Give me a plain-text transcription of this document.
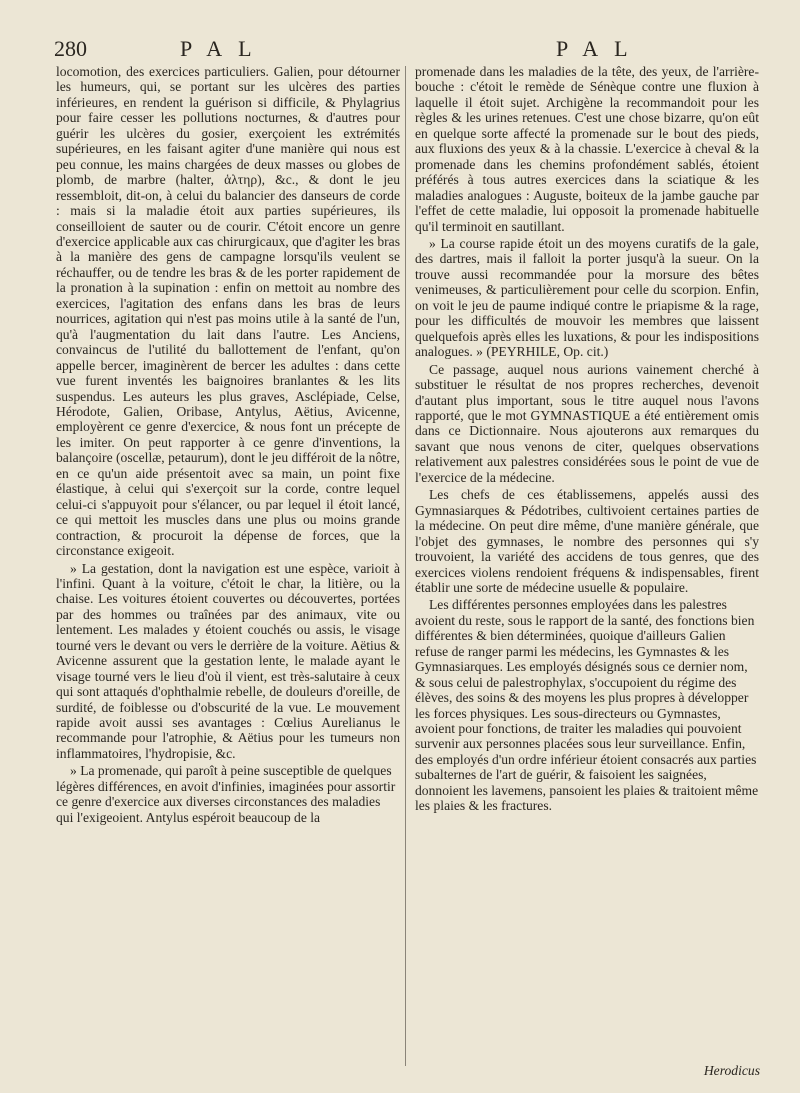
280	PAL	PAL

locomotion, des exercices particuliers. Galien, pour détourner les humeurs, qui, se portant sur les ulcères des parties inférieures, en rendent la guérison si difficile, & Phylagrius pour faire cesser les pollutions nocturnes, & d'autres pour guérir les ulcères du gosier, exerçoient les extrémités supérieures, en les faisant agiter d'une manière qui nous est peu connue, les mains chargées de deux masses ou globes de plomb, de marbre (halter, ἁλτηρ), &c., & dont le jeu ressembloit, dit-on, à celui du balancier des danseurs de corde : mais si la maladie étoit aux parties supérieures, ils conseilloient de sauter ou de courir. C'étoit encore un genre d'exercice applicable aux cas chirurgicaux, que d'agiter les bras à la manière des gens de campagne lorsqu'ils veulent se réchauffer, ou de tendre les bras & de les porter rapidement de la pronation à la supination : enfin on mettoit au nombre des exercices, l'agitation des enfans dans les bras de leurs nourrices, agitation qui n'est pas moins utile à la santé de l'un, qu'à l'augmentation du lait dans l'autre. Les Anciens, convaincus de l'utilité du ballottement de l'enfant, qu'on appelle bercer, imaginèrent de bercer les adultes : dans cette vue furent inventés les baignoires branlantes & les lits suspendus. Les auteurs les plus graves, Asclépiade, Celse, Hérodote, Galien, Oribase, Antylus, Aëtius, Avicenne, employèrent ce genre d'exercice, & nous font un précepte de les imiter. On peut rapporter à ce genre d'inventions, la balançoire (oscellæ, petaurum), dont le jeu différoit de la nôtre, en ce qu'un aide présentoit avec sa main, un point fixe élastique, à celui qui s'exerçoit sur la corde, contre lequel celui-ci s'appuyoit pour s'élancer, ou par lequel il étoit lancé, ce qui mettoit les muscles dans une plus ou moins grande contraction, & procuroit la dépense de forces, que la circonstance exigeoit.

» La gestation, dont la navigation est une espèce, varioit à l'infini. Quant à la voiture, c'étoit le char, la litière, ou la chaise. Les voitures étoient couvertes ou découvertes, portées par des hommes ou traînées par des animaux, vite ou lentement. Les malades y étoient couchés ou assis, le visage tourné vers le devant ou vers le derrière de la voiture. Aëtius & Avicenne assurent que la gestation lente, le malade ayant le visage tourné vers le lieu d'où il vient, est très-salutaire à ceux qui sont attaqués d'ophthalmie rebelle, de douleurs d'oreille, de surdité, de foiblesse ou d'obscurité de la vue. Le mouvement rapide avoit aussi ses avantages : Cœlius Aurelianus le recommande pour l'atrophie, & Aëtius pour les tumeurs non inflammatoires, l'hydropisie, &c.

» La promenade, qui paroît à peine susceptible de quelques légères différences, en avoit d'infinies, imaginées pour assortir ce genre d'exercice aux diverses circonstances des maladies qui l'exigeoient. Antylus espéroit beaucoup de la

promenade dans les maladies de la tête, des yeux, de l'arrière-bouche : c'étoit le remède de Sénèque contre une fluxion à laquelle il étoit sujet. Archigène la recommandoit pour les règles & les urines retenues. C'est une chose bizarre, qu'on eût en quelque sorte affecté la promenade sur le bout des pieds, aux fluxions des yeux & à la chassie. L'exercice à cheval & la promenade dans les chemins profondément sablés, étoient préférés à tous autres exercices dans la sciatique & les maladies analogues : Auguste, boiteux de la jambe gauche par l'effet de cette maladie, lui opposoit la promenade habituelle qu'il terminoit en sautillant.

» La course rapide étoit un des moyens curatifs de la gale, des dartres, mais il falloit la porter jusqu'à la sueur. On la trouve aussi recommandée pour la morsure des bêtes venimeuses, & particulièrement pour celle du scorpion. Enfin, on voit le jeu de paume indiqué contre le priapisme & la rage, pour les difficultés de mouvoir les membres que laissent quelquefois après elles les luxations, & pour les indispositions analogues. » (PEYRHILE, Op. cit.)

Ce passage, auquel nous aurions vainement cherché à substituer le résultat de nos propres recherches, devenoit d'autant plus important, sous le titre auquel nous l'avons rapporté, que le mot GYMNASTIQUE a été entièrement omis dans ce Dictionnaire. Nous ajouterons aux remarques du savant que nous venons de citer, quelques observations relativement aux palestres considérées sous le point de vue de l'exercice de la médecine.

Les chefs de ces établissemens, appelés aussi des Gymnasiarques & Pédotribes, cultivoient certaines parties de la médecine. On peut dire même, d'une manière générale, que l'objet des gymnases, le nombre des personnes qui s'y trouvoient, la variété des accidens de tous genres, que des exercices violens rendoient fréquens & indispensables, firent établir une sorte de médecine usuelle & populaire.

Les différentes personnes employées dans les palestres avoient du reste, sous le rapport de la santé, des fonctions bien différentes & bien déterminées, quoique d'ailleurs Galien refuse de ranger parmi les médecins, les Gymnastes & les Gymnasiarques. Les employés désignés sous ce dernier nom, & sous celui de palestrophylax, s'occupoient du régime des élèves, des soins & des moyens les plus propres à développer les forces physiques. Les sous-directeurs ou Gymnastes, avoient pour fonctions, de traiter les maladies qui pouvoient survenir aux personnes placées sous leur surveillance. Enfin, des employés d'un ordre inférieur étoient consacrés aux parties subalternes de l'art de guérir, & faisoient les saignées, donnoient les lavemens, pansoient les plaies & traitoient même les plaies & les fractures.

Herodicus
